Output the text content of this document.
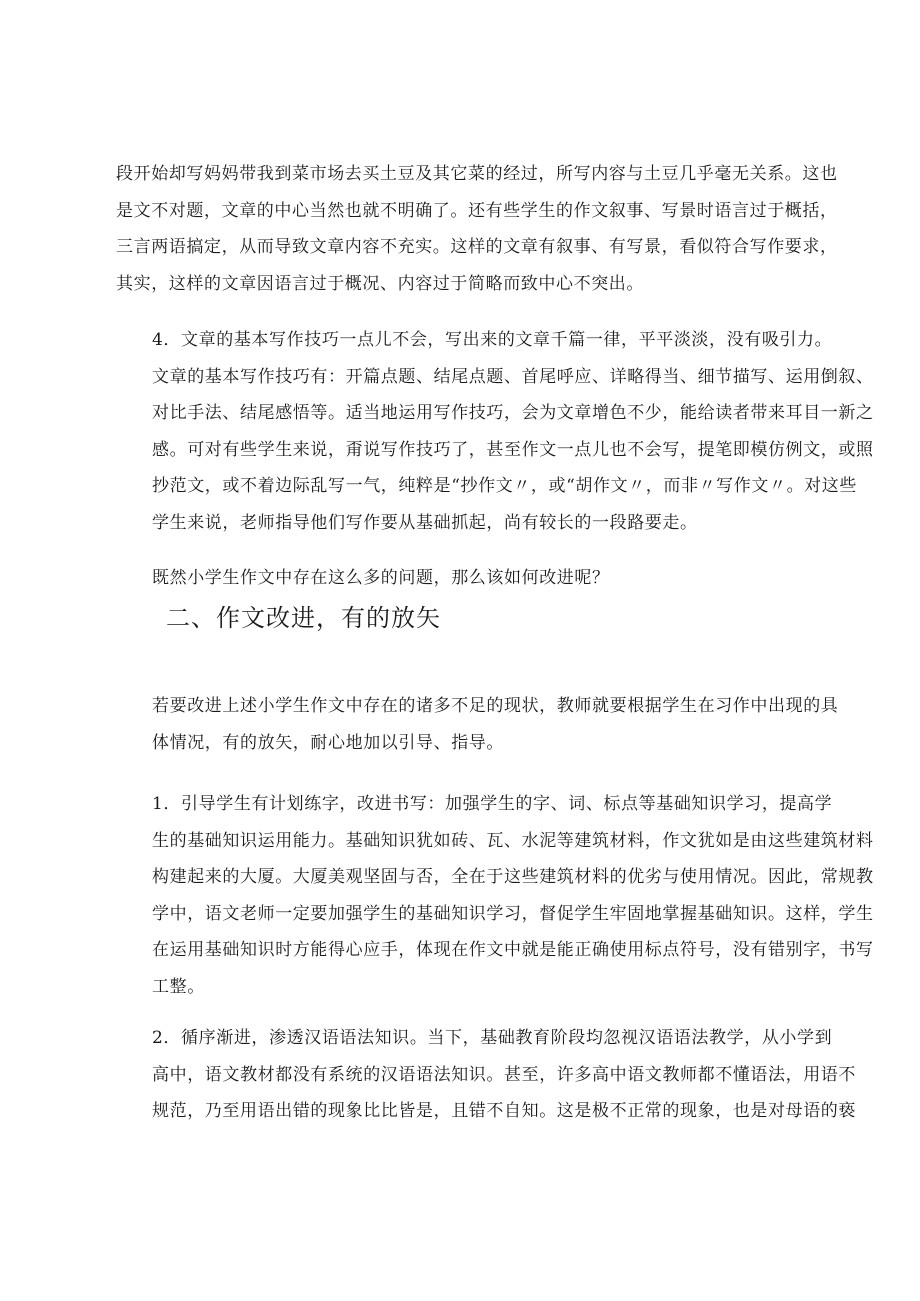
段开始却写妈妈带我到菜市场去买土豆及其它菜的经过，所写内容与土豆几乎毫无关系。这也
是文不对题，文章的中心当然也就不明确了。还有些学生的作文叙事、写景时语言过于概括，
三言两语搞定，从而导致文章内容不充实。这样的文章有叙事、有写景，看似符合写作要求，
其实，这样的文章因语言过于概况、内容过于简略而致中心不突出。

4．文章的基本写作技巧一点儿不会，写出来的文章千篇一律，平平淡淡，没有吸引力。
文章的基本写作技巧有：开篇点题、结尾点题、首尾呼应、详略得当、细节描写、运用倒叙、
对比手法、结尾感悟等。适当地运用写作技巧，会为文章增色不少，能给读者带来耳目一新之
感。可对有些学生来说，甭说写作技巧了，甚至作文一点儿也不会写，提笔即模仿例文，或照
抄范文，或不着边际乱写一气，纯粹是“抄作文〃，或“胡作文〃，而非〃写作文〃。对这些
学生来说，老师指导他们写作要从基础抓起，尚有较长的一段路要走。

既然小学生作文中存在这么多的问题，那么该如何改进呢？

二、作文改进，有的放矢

若要改进上述小学生作文中存在的诸多不足的现状，教师就要根据学生在习作中出现的具
体情况，有的放矢，耐心地加以引导、指导。

1．引导学生有计划练字，改进书写：加强学生的字、词、标点等基础知识学习，提高学
生的基础知识运用能力。基础知识犹如砖、瓦、水泥等建筑材料，作文犹如是由这些建筑材料
构建起来的大厦。大厦美观坚固与否，全在于这些建筑材料的优劣与使用情况。因此，常规教
学中，语文老师一定要加强学生的基础知识学习，督促学生牢固地掌握基础知识。这样，学生
在运用基础知识时方能得心应手，体现在作文中就是能正确使用标点符号，没有错别字，书写
工整。

2．循序渐进，渗透汉语语法知识。当下，基础教育阶段均忽视汉语语法教学，从小学到
高中，语文教材都没有系统的汉语语法知识。甚至，许多高中语文教师都不懂语法，用语不
规范，乃至用语出错的现象比比皆是，且错不自知。这是极不正常的现象，也是对母语的亵
